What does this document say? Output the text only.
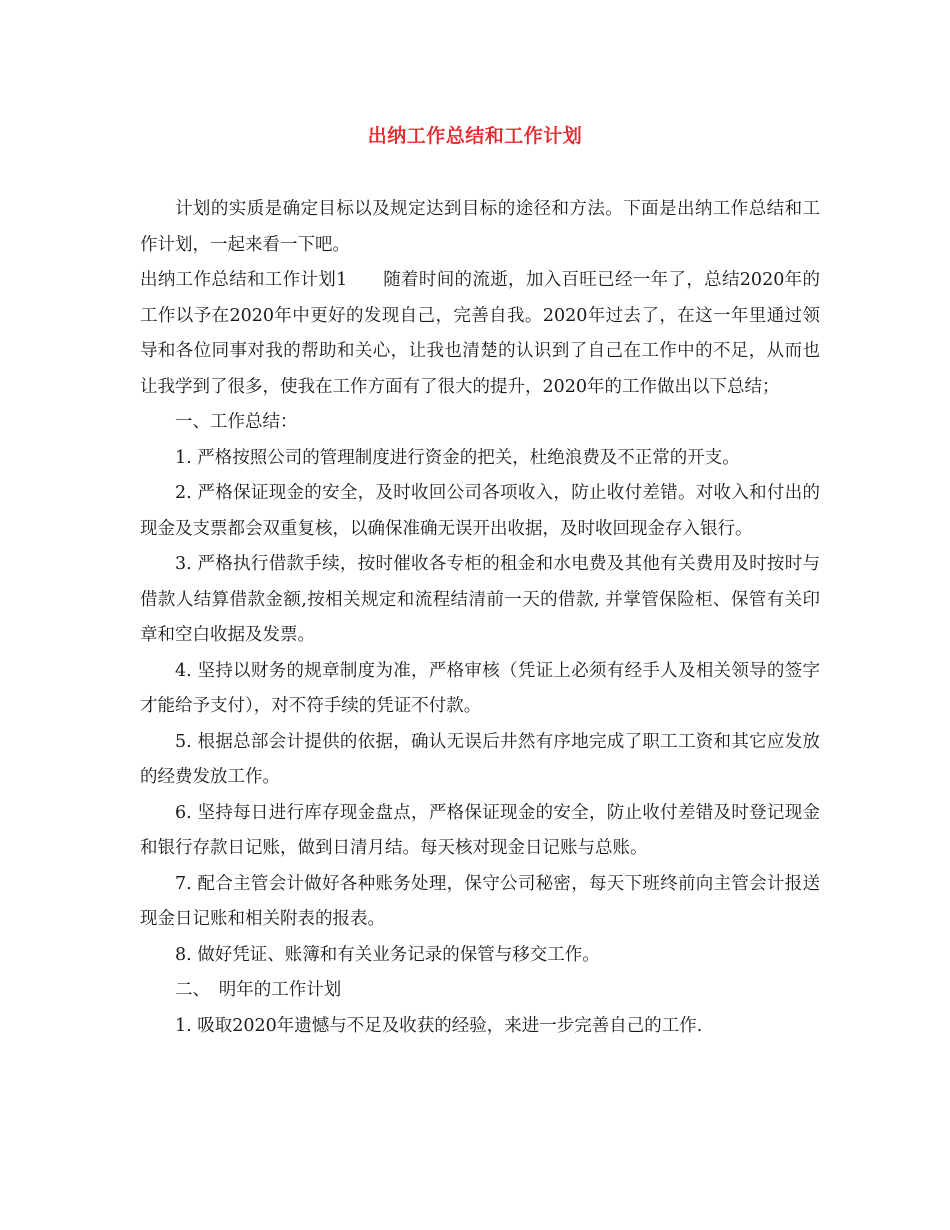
出纳工作总结和工作计划

计划的实质是确定目标以及规定达到目标的途径和方法。下面是出纳工作总结和工作计划，一起来看一下吧。

出纳工作总结和工作计划1　　随着时间的流逝，加入百旺已经一年了，总结2020年的工作以予在2020年中更好的发现自己，完善自我。2020年过去了，在这一年里通过领导和各位同事对我的帮助和关心，让我也清楚的认识到了自己在工作中的不足，从而也让我学到了很多，使我在工作方面有了很大的提升，2020年的工作做出以下总结；

一、工作总结：

1. 严格按照公司的管理制度进行资金的把关，杜绝浪费及不正常的开支。

2. 严格保证现金的安全，及时收回公司各项收入，防止收付差错。对收入和付出的现金及支票都会双重复核，以确保准确无误开出收据，及时收回现金存入银行。

3. 严格执行借款手续，按时催收各专柜的租金和水电费及其他有关费用及时按时与借款人结算借款金额,按相关规定和流程结清前一天的借款, 并掌管保险柜、保管有关印章和空白收据及发票。

4. 坚持以财务的规章制度为准，严格审核（凭证上必须有经手人及相关领导的签字才能给予支付），对不符手续的凭证不付款。

5. 根据总部会计提供的依据，确认无误后井然有序地完成了职工工资和其它应发放的经费发放工作。

6. 坚持每日进行库存现金盘点，严格保证现金的安全，防止收付差错及时登记现金和银行存款日记账，做到日清月结。每天核对现金日记账与总账。

7. 配合主管会计做好各种账务处理，保守公司秘密，每天下班终前向主管会计报送现金日记账和相关附表的报表。

8. 做好凭证、账簿和有关业务记录的保管与移交工作。

二、　明年的工作计划

1. 吸取2020年遗憾与不足及收获的经验，来进一步完善自己的工作.
